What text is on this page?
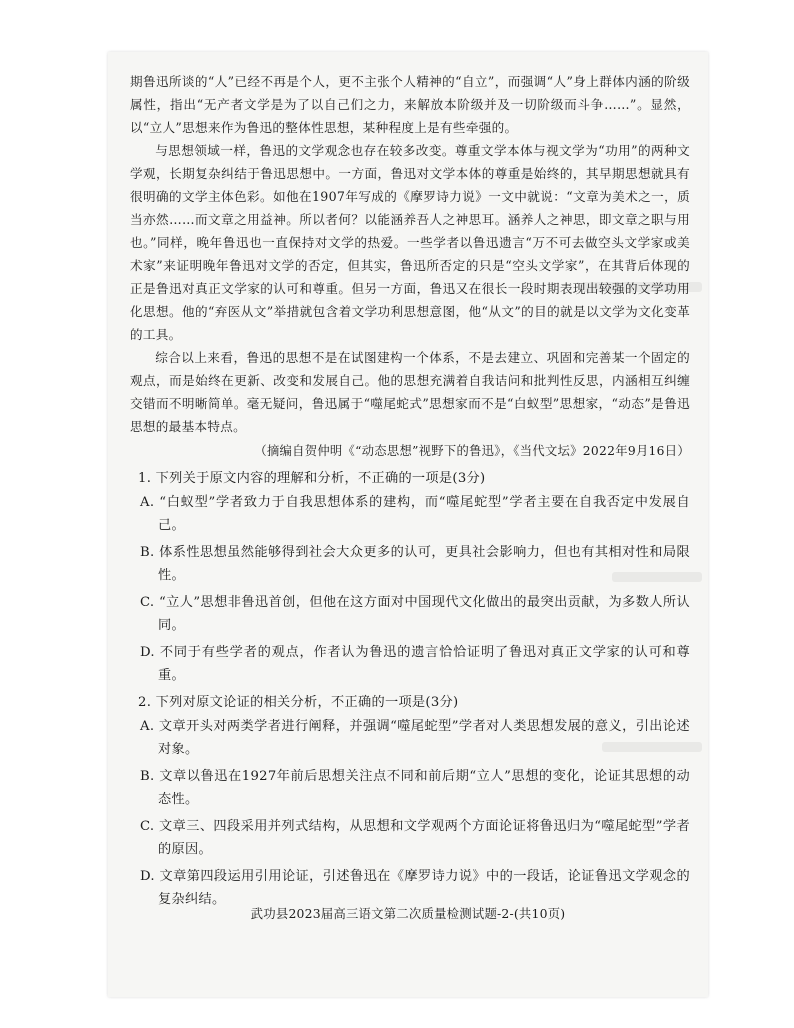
期鲁迅所谈的“人”已经不再是个人，更不主张个人精神的“自立”，而强调“人”身上群体内涵的阶级属性，指出“无产者文学是为了以自己们之力，来解放本阶级并及一切阶级而斗争……”。显然，以“立人”思想来作为鲁迅的整体性思想，某种程度上是有些牵强的。

与思想领域一样，鲁迅的文学观念也存在较多改变。尊重文学本体与视文学为“功用”的两种文学观，长期复杂纠结于鲁迅思想中。一方面，鲁迅对文学本体的尊重是始终的，其早期思想就具有很明确的文学主体色彩。如他在1907年写成的《摩罗诗力说》一文中就说：“文章为美术之一，质当亦然……而文章之用益神。所以者何？以能涵养吾人之神思耳。涵养人之神思，即文章之职与用也。”同样，晚年鲁迅也一直保持对文学的热爱。一些学者以鲁迅遗言“万不可去做空头文学家或美术家”来证明晚年鲁迅对文学的否定，但其实，鲁迅所否定的只是“空头文学家”，在其背后体现的正是鲁迅对真正文学家的认可和尊重。但另一方面，鲁迅又在很长一段时期表现出较强的文学功用化思想。他的“弃医从文”举措就包含着文学功利思想意图，他“从文”的目的就是以文学为文化变革的工具。

综合以上来看，鲁迅的思想不是在试图建构一个体系，不是去建立、巩固和完善某一个固定的观点，而是始终在更新、改变和发展自己。他的思想充满着自我诘问和批判性反思，内涵相互纠缠交错而不明晰简单。毫无疑问，鲁迅属于“噬尾蛇式”思想家而不是“白蚁型”思想家，“动态”是鲁迅思想的最基本特点。

（摘编自贺仲明《“动态思想”视野下的鲁迅》，《当代文坛》2022年9月16日）

1. 下列关于原文内容的理解和分析，不正确的一项是(3分)

A. “白蚁型”学者致力于自我思想体系的建构，而“噬尾蛇型”学者主要在自我否定中发展自己。

B. 体系性思想虽然能够得到社会大众更多的认可，更具社会影响力，但也有其相对性和局限性。

C. “立人”思想非鲁迅首创，但他在这方面对中国现代文化做出的最突出贡献，为多数人所认同。

D. 不同于有些学者的观点，作者认为鲁迅的遗言恰恰证明了鲁迅对真正文学家的认可和尊重。

2. 下列对原文论证的相关分析，不正确的一项是(3分)

A. 文章开头对两类学者进行阐释，并强调“噬尾蛇型”学者对人类思想发展的意义，引出论述对象。

B. 文章以鲁迅在1927年前后思想关注点不同和前后期“立人”思想的变化，论证其思想的动态性。

C. 文章三、四段采用并列式结构，从思想和文学观两个方面论证将鲁迅归为“噬尾蛇型”学者的原因。

D. 文章第四段运用引用论证，引述鲁迅在《摩罗诗力说》中的一段话，论证鲁迅文学观念的复杂纠结。

武功县2023届高三语文第二次质量检测试题-2-(共10页)
